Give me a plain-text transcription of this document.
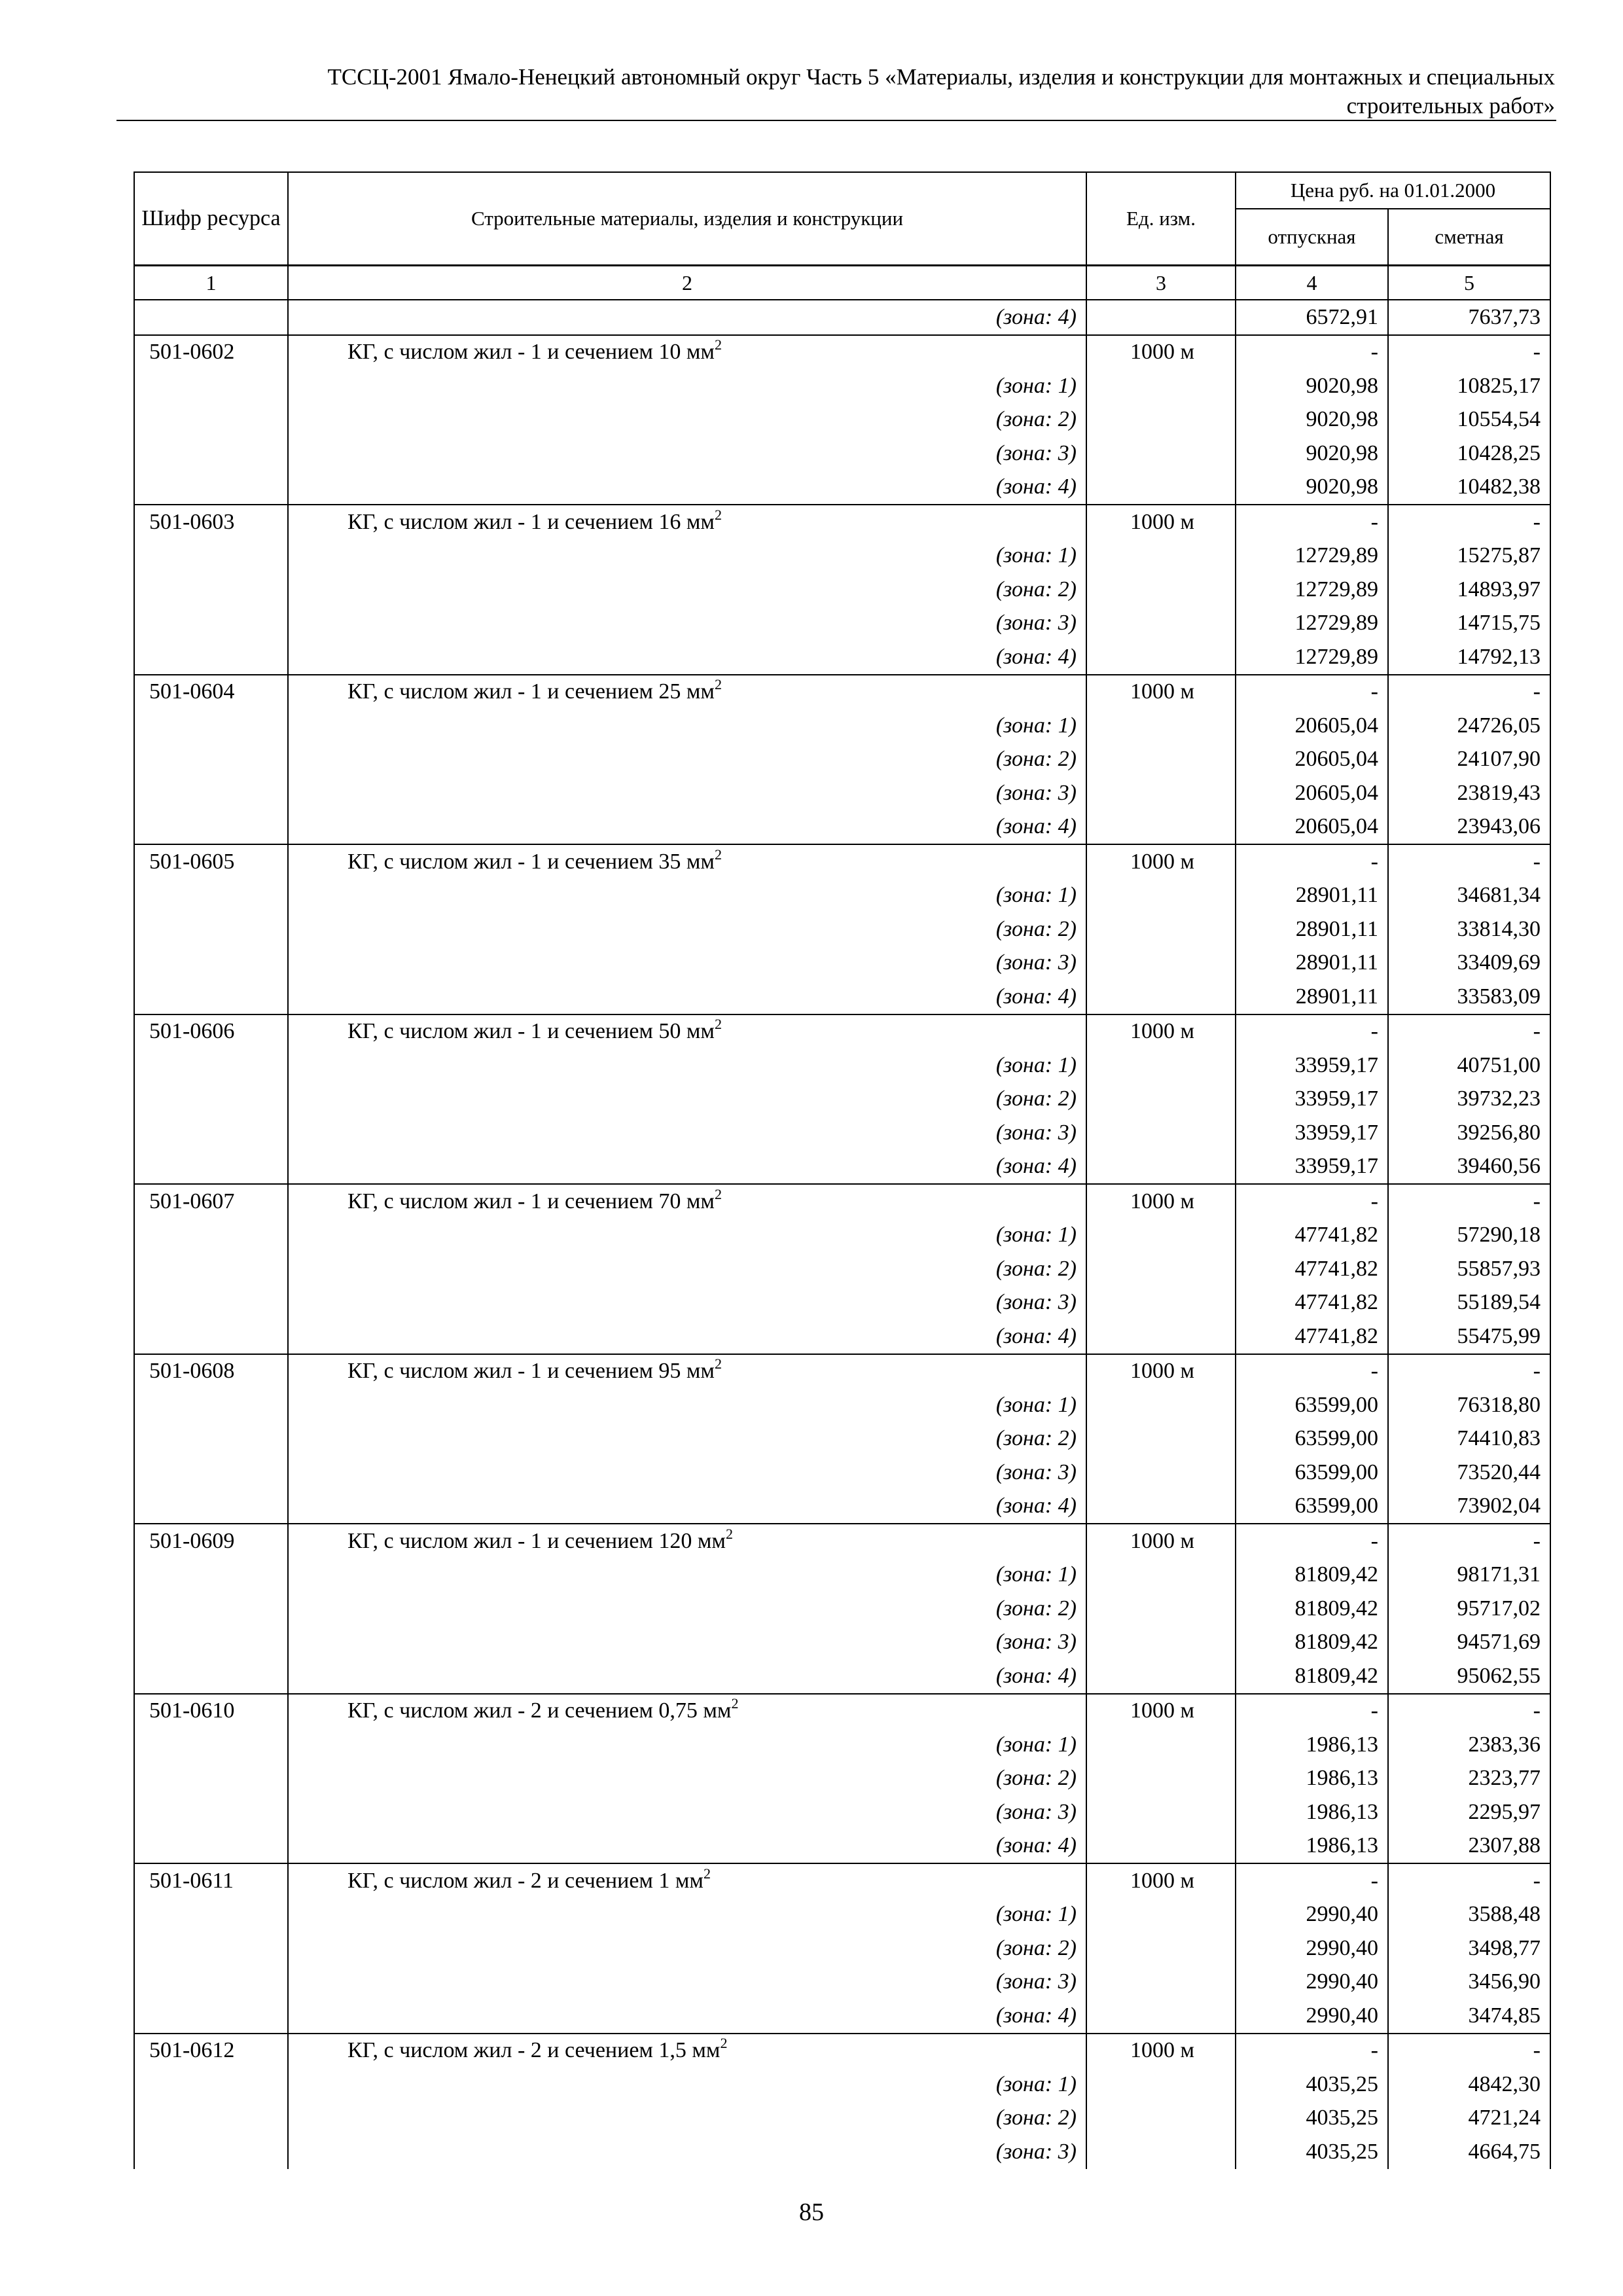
ТССЦ-2001 Ямало-Ненецкий автономный округ Часть 5 «Материалы, изделия и конструкции для монтажных и специальных
строительных работ»
Шифр ресурса	Строительные материалы, изделия и конструкции	Ед. изм.	Цена руб. на 01.01.2000	
			отпускная	сметная
1	2	3	4	5
	(зона: 4)		6572,91	7637,73
501-0602	КГ, с числом жил - 1 и сечением 10 $мм^2$	1000 м	-	-
	(зона: 1)		9020,98	10825,17
	(зона: 2)		9020,98	10554,54
	(зона: 3)		9020,98	10428,25
	(зона: 4)		9020,98	10482,38
501-0603	КГ, с числом жил - 1 и сечением 16 $мм^2$	1000 м	-	-
	(зона: 1)		12729,89	15275,87
	(зона: 2)		12729,89	14893,97
	(зона: 3)		12729,89	14715,75
	(зона: 4)		12729,89	14792,13
501-0604	КГ, с числом жил - 1 и сечением 25 $мм^2$	1000 м	-	-
	(зона: 1)		20605,04	24726,05
	(зона: 2)		20605,04	24107,90
	(зона: 3)		20605,04	23819,43
	(зона: 4)		20605,04	23943,06
501-0605	КГ, с числом жил - 1 и сечением 35 $мм^2$	1000 м	-	-
	(зона: 1)		28901,11	34681,34
	(зона: 2)		28901,11	33814,30
	(зона: 3)		28901,11	33409,69
	(зона: 4)		28901,11	33583,09
501-0606	КГ, с числом жил - 1 и сечением 50 $мм^2$	1000 м	-	-
	(зона: 1)		33959,17	40751,00
	(зона: 2)		33959,17	39732,23
	(зона: 3)		33959,17	39256,80
	(зона: 4)		33959,17	39460,56
501-0607	КГ, с числом жил - 1 и сечением 70 $мм^2$	1000 м	-	-
	(зона: 1)		47741,82	57290,18
	(зона: 2)		47741,82	55857,93
	(зона: 3)		47741,82	55189,54
	(зона: 4)		47741,82	55475,99
501-0608	КГ, с числом жил - 1 и сечением 95 $мм^2$	1000 м	-	-
	(зона: 1)		63599,00	76318,80
	(зона: 2)		63599,00	74410,83
	(зона: 3)		63599,00	73520,44
	(зона: 4)		63599,00	73902,04
501-0609	КГ, с числом жил - 1 и сечением 120 $мм^2$	1000 м	-	-
	(зона: 1)		81809,42	98171,31
	(зона: 2)		81809,42	95717,02
	(зона: 3)		81809,42	94571,69
	(зона: 4)		81809,42	95062,55
501-0610	КГ, с числом жил - 2 и сечением 0,75 $мм^2$	1000 м	-	-
	(зона: 1)		1986,13	2383,36
	(зона: 2)		1986,13	2323,77
	(зона: 3)		1986,13	2295,97
	(зона: 4)		1986,13	2307,88
501-0611	КГ, с числом жил - 2 и сечением 1 $мм^2$	1000 м	-	-
	(зона: 1)		2990,40	3588,48
	(зона: 2)		2990,40	3498,77
	(зона: 3)		2990,40	3456,90
	(зона: 4)		2990,40	3474,85
501-0612	КГ, с числом жил - 2 и сечением 1,5 $мм^2$	1000 м	-	-
	(зона: 1)		4035,25	4842,30
	(зона: 2)		4035,25	4721,24
	(зона: 3)		4035,25	4664,75
85
